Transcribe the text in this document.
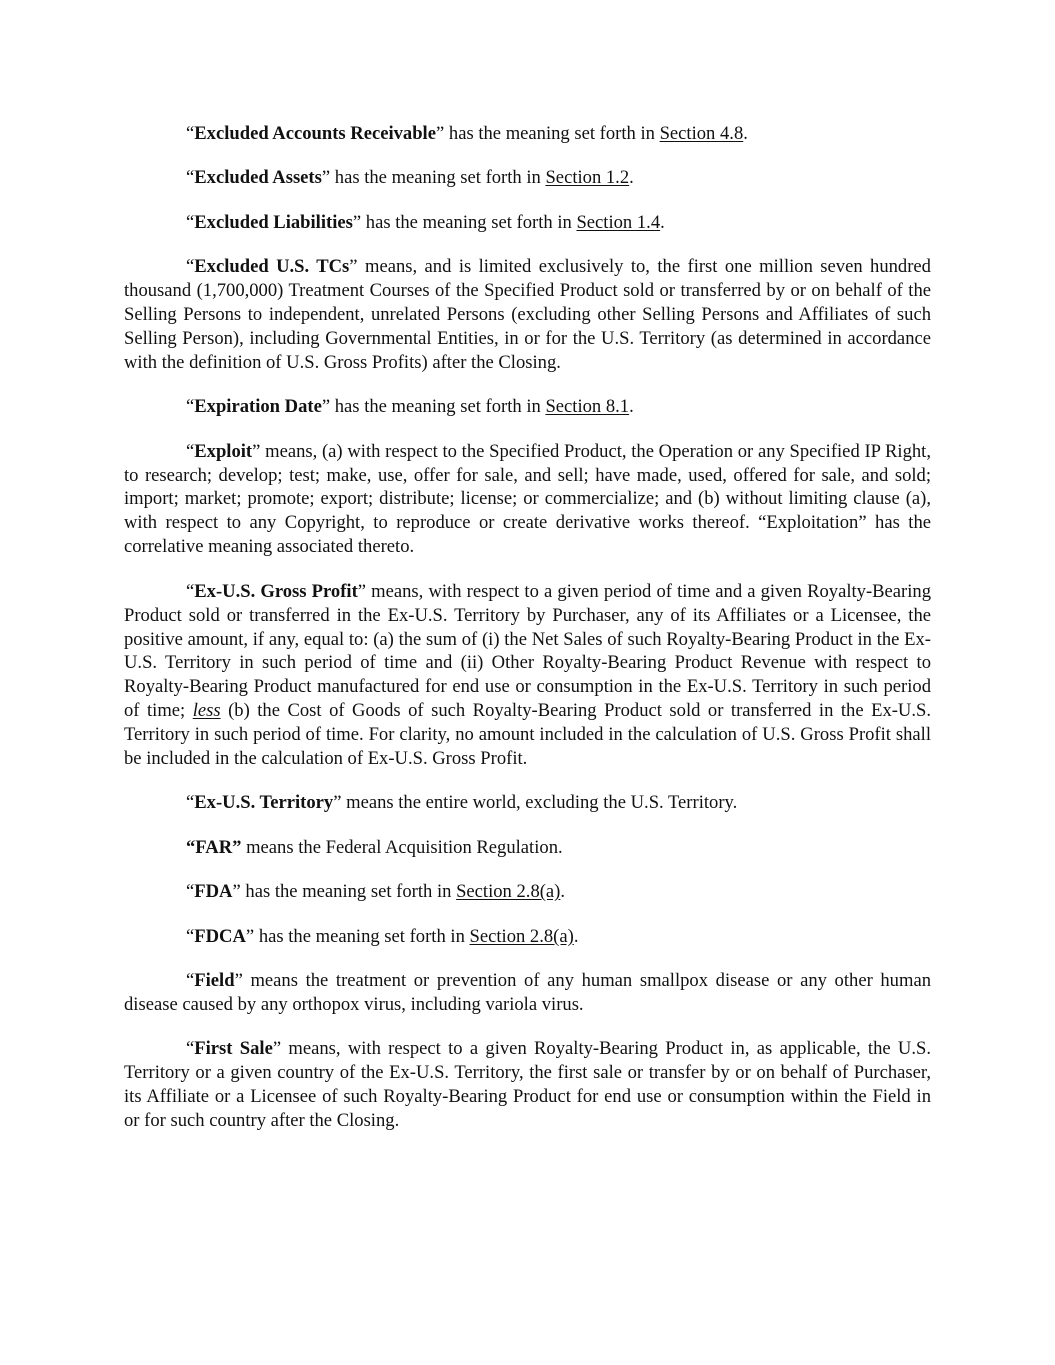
“Excluded Accounts Receivable” has the meaning set forth in Section 4.8.

“Excluded Assets” has the meaning set forth in Section 1.2.

“Excluded Liabilities” has the meaning set forth in Section 1.4.

“Excluded U.S. TCs” means, and is limited exclusively to, the first one million seven hundred thousand (1,700,000) Treatment Courses of the Specified Product sold or transferred by or on behalf of the Selling Persons to independent, unrelated Persons (excluding other Selling Persons and Affiliates of such Selling Person), including Governmental Entities, in or for the U.S. Territory (as determined in accordance with the definition of U.S. Gross Profits) after the Closing.

“Expiration Date” has the meaning set forth in Section 8.1.

“Exploit” means, (a) with respect to the Specified Product, the Operation or any Specified IP Right, to research; develop; test; make, use, offer for sale, and sell; have made, used, offered for sale, and sold; import; market; promote; export; distribute; license; or commercialize; and (b) without limiting clause (a), with respect to any Copyright, to reproduce or create derivative works thereof. “Exploitation” has the correlative meaning associated thereto.

“Ex-U.S. Gross Profit” means, with respect to a given period of time and a given Royalty-Bearing Product sold or transferred in the Ex-U.S. Territory by Purchaser, any of its Affiliates or a Licensee, the positive amount, if any, equal to: (a) the sum of (i) the Net Sales of such Royalty-Bearing Product in the Ex-U.S. Territory in such period of time and (ii) Other Royalty-Bearing Product Revenue with respect to Royalty-Bearing Product manufactured for end use or consumption in the Ex-U.S. Territory in such period of time; less (b) the Cost of Goods of such Royalty-Bearing Product sold or transferred in the Ex-U.S. Territory in such period of time. For clarity, no amount included in the calculation of U.S. Gross Profit shall be included in the calculation of Ex-U.S. Gross Profit.

“Ex-U.S. Territory” means the entire world, excluding the U.S. Territory.

“FAR” means the Federal Acquisition Regulation.

“FDA” has the meaning set forth in Section 2.8(a).

“FDCA” has the meaning set forth in Section 2.8(a).

“Field” means the treatment or prevention of any human smallpox disease or any other human disease caused by any orthopox virus, including variola virus.

“First Sale” means, with respect to a given Royalty-Bearing Product in, as applicable, the U.S. Territory or a given country of the Ex-U.S. Territory, the first sale or transfer by or on behalf of Purchaser, its Affiliate or a Licensee of such Royalty-Bearing Product for end use or consumption within the Field in or for such country after the Closing.
